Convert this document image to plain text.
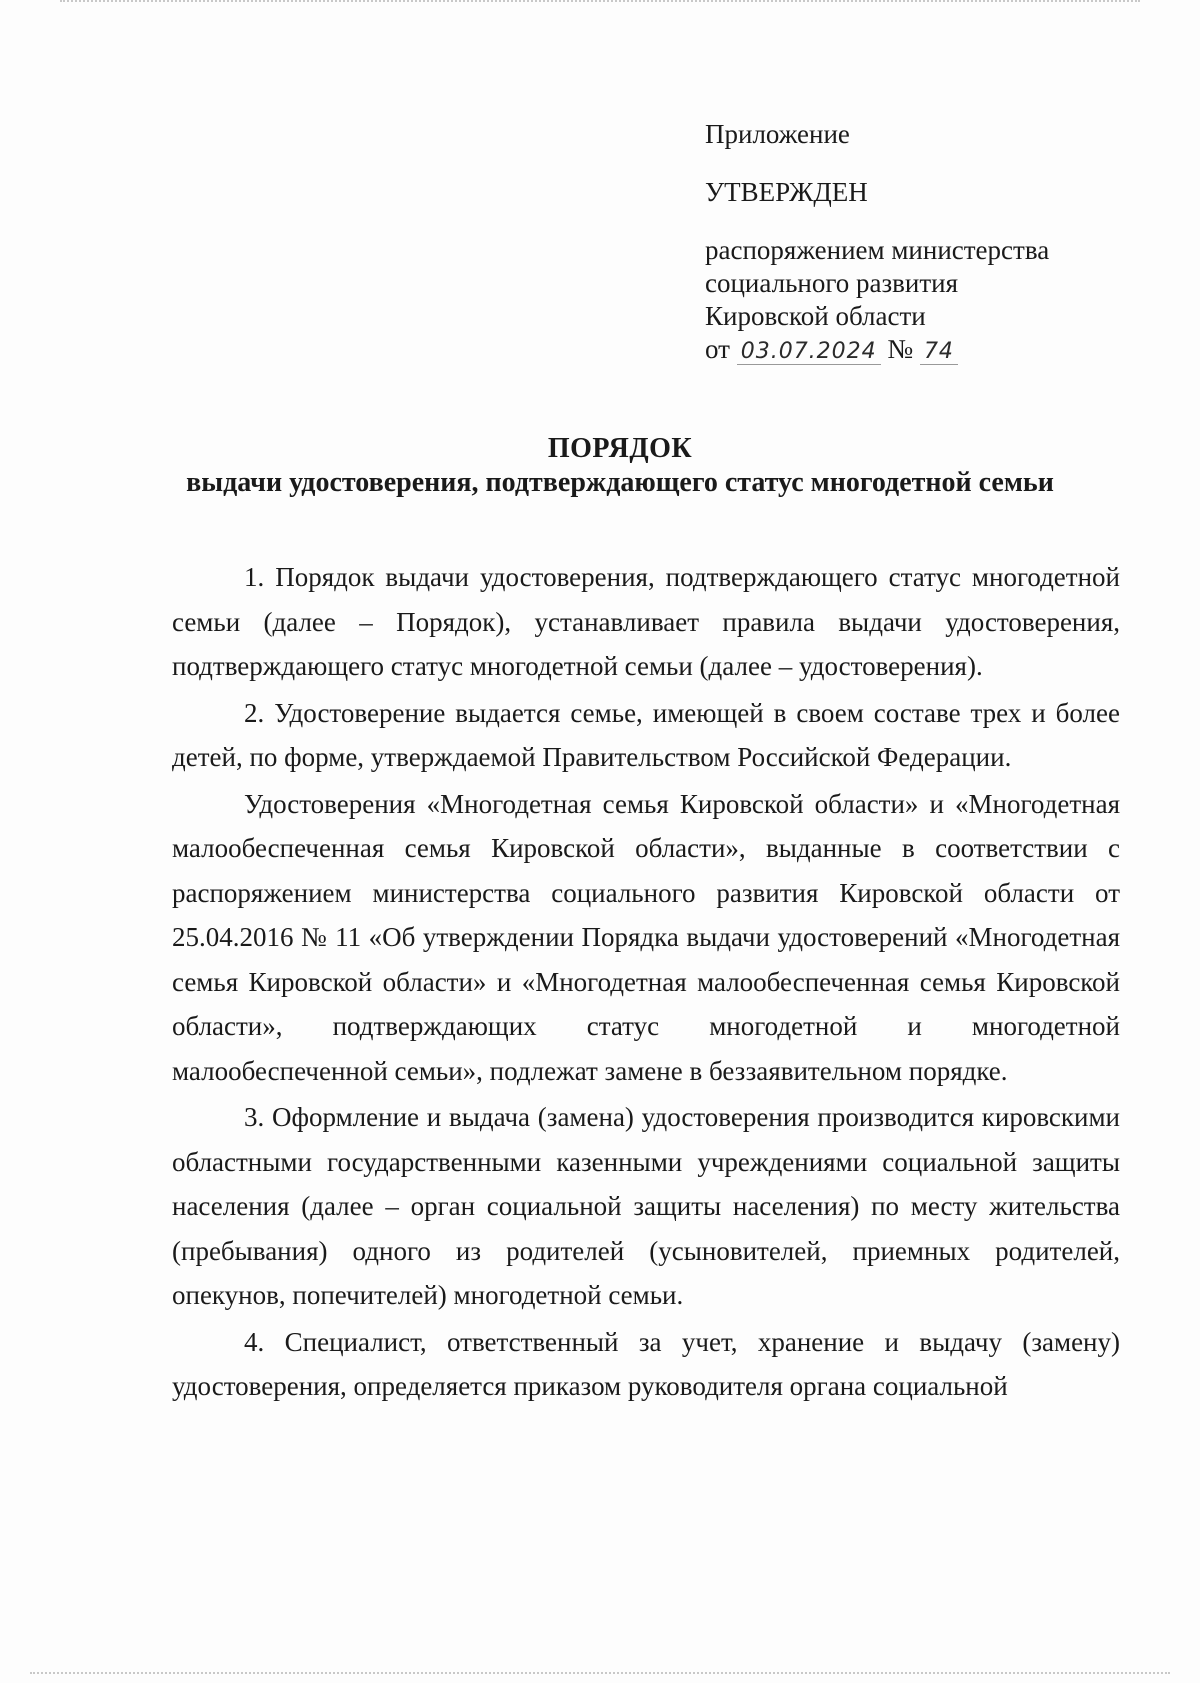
Приложение
УТВЕРЖДЕН
распоряжением министерства
социального развития
Кировской области
от 03.07.2024 № 74
ПОРЯДОК
выдачи удостоверения, подтверждающего статус многодетной семьи

1. Порядок выдачи удостоверения, подтверждающего статус многодетной семьи (далее – Порядок), устанавливает правила выдачи удостоверения, подтверждающего статус многодетной семьи (далее – удостоверения).

2. Удостоверение выдается семье, имеющей в своем составе трех и более детей, по форме, утверждаемой Правительством Российской Федерации.

Удостоверения «Многодетная семья Кировской области» и «Многодетная малообеспеченная семья Кировской области», выданные в соответствии с распоряжением министерства социального развития Кировской области от 25.04.2016 № 11 «Об утверждении Порядка выдачи удостоверений «Многодетная семья Кировской области» и «Многодетная малообеспеченная семья Кировской области», подтверждающих статус многодетной и многодетной малообеспеченной семьи», подлежат замене в беззаявительном порядке.

3. Оформление и выдача (замена) удостоверения производится кировскими областными государственными казенными учреждениями социальной защиты населения (далее – орган социальной защиты населения) по месту жительства (пребывания) одного из родителей (усыновителей, приемных родителей, опекунов, попечителей) многодетной семьи.

4. Специалист, ответственный за учет, хранение и выдачу (замену) удостоверения, определяется приказом руководителя органа социальной
